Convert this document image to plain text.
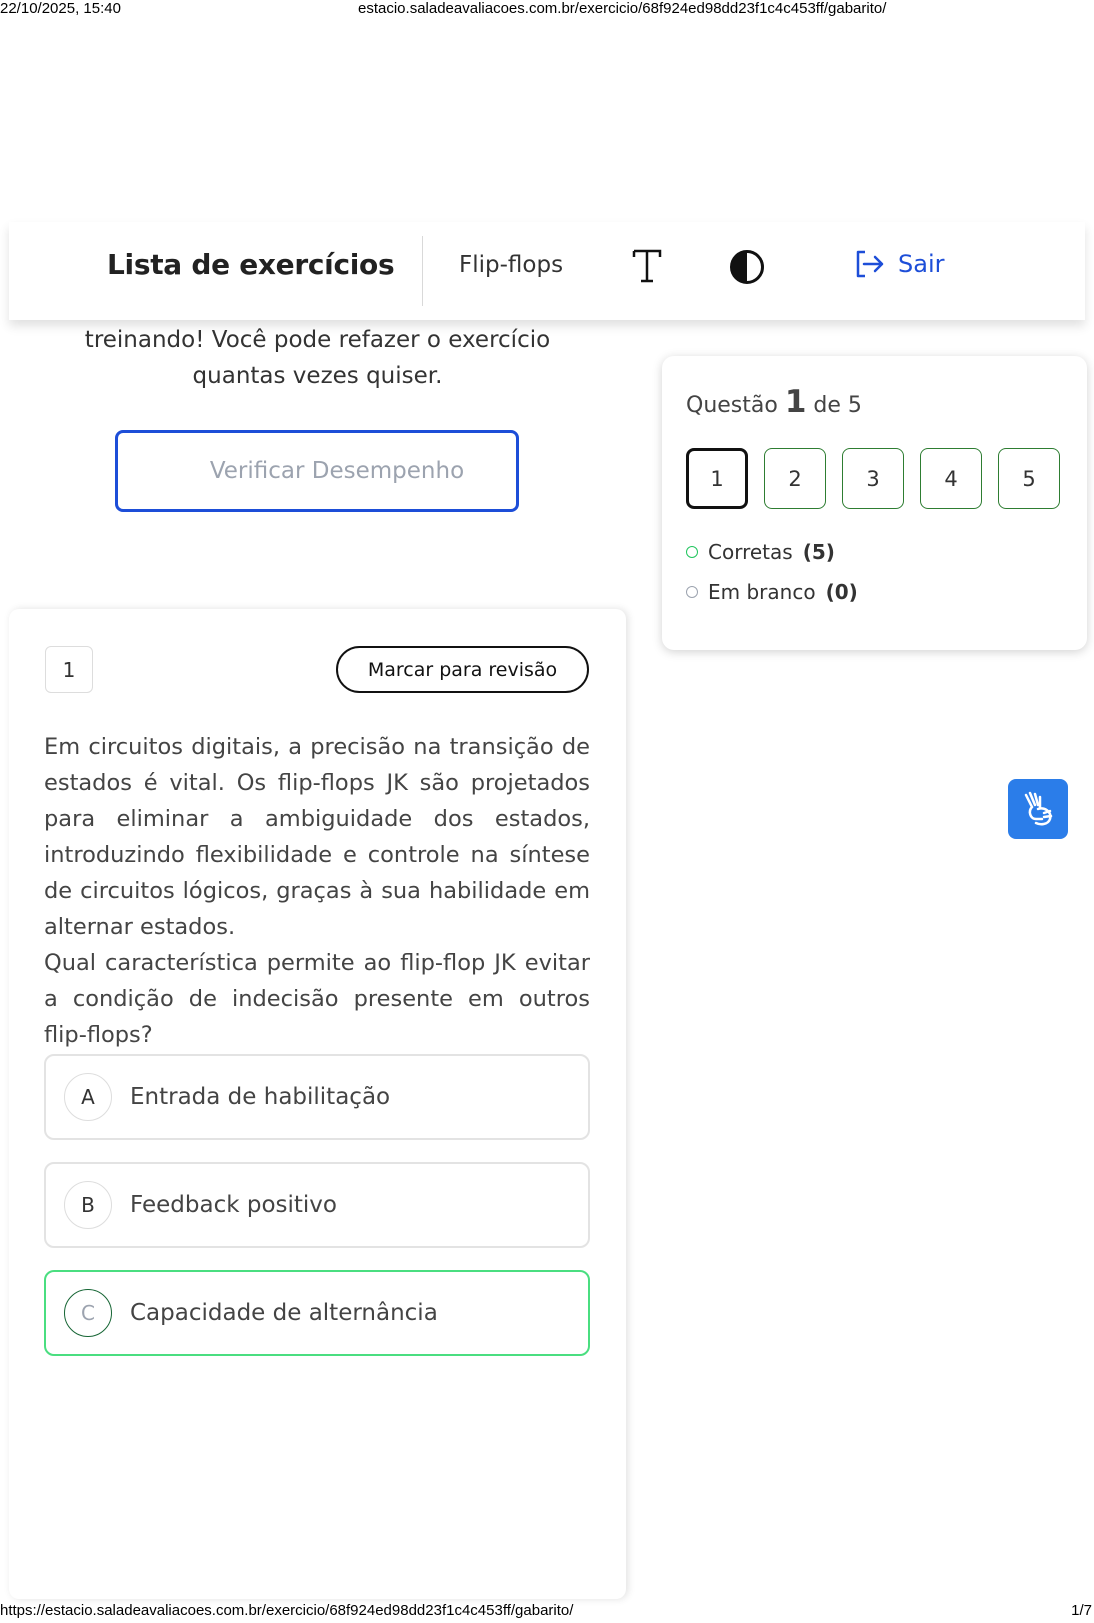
22/10/2025, 15:40	estacio.saladeavaliacoes.com.br/exercicio/68f924ed98dd23f1c4c453ff/gabarito/

Lista de exercícios	Flip-flops	Sair
treinando! Você pode refazer o exercício
quantas vezes quiser.
Verificar Desempenho
Questão 1 de 5
1	2	3	4	5
Corretas (5)
Em branco (0)
1	Marcar para revisão

Em circuitos digitais, a precisão na transição de estados é vital. Os flip-flops JK são projetados para eliminar a ambiguidade dos estados, introduzindo flexibilidade e controle na síntese de circuitos lógicos, graças à sua habilidade em alternar estados.

Qual característica permite ao flip-flop JK evitar a condição de indecisão presente em outros flip-flops?

A	Entrada de habilitação
B	Feedback positivo
C	Capacidade de alternância
https://estacio.saladeavaliacoes.com.br/exercicio/68f924ed98dd23f1c4c453ff/gabarito/	1/7
